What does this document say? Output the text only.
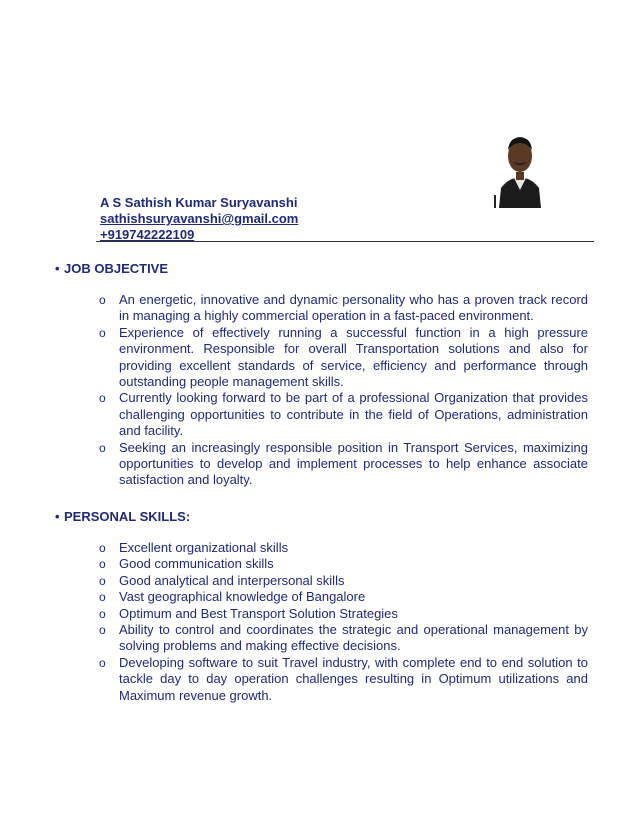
A S Sathish Kumar Suryavanshi
sathishsuryavanshi@gmail.com
+919742222109
• JOB OBJECTIVE
o An energetic, innovative and dynamic personality who has a proven track record in managing a highly commercial operation in a fast-paced environment.
o Experience of effectively running a successful function in a high pressure environment. Responsible for overall Transportation solutions and also for providing excellent standards of service, efficiency and performance through outstanding people management skills.
o Currently looking forward to be part of a professional Organization that provides challenging opportunities to contribute in the field of Operations, administration and facility.
o Seeking an increasingly responsible position in Transport Services, maximizing opportunities to develop and implement processes to help enhance associate satisfaction and loyalty.
• PERSONAL SKILLS:
o Excellent organizational skills
o Good communication skills
o Good analytical and interpersonal skills
o Vast geographical knowledge of Bangalore
o Optimum and Best Transport Solution Strategies
o Ability to control and coordinates the strategic and operational management by solving problems and making effective decisions.
o Developing software to suit Travel industry, with complete end to end solution to tackle day to day operation challenges resulting in Optimum utilizations and Maximum revenue growth.
